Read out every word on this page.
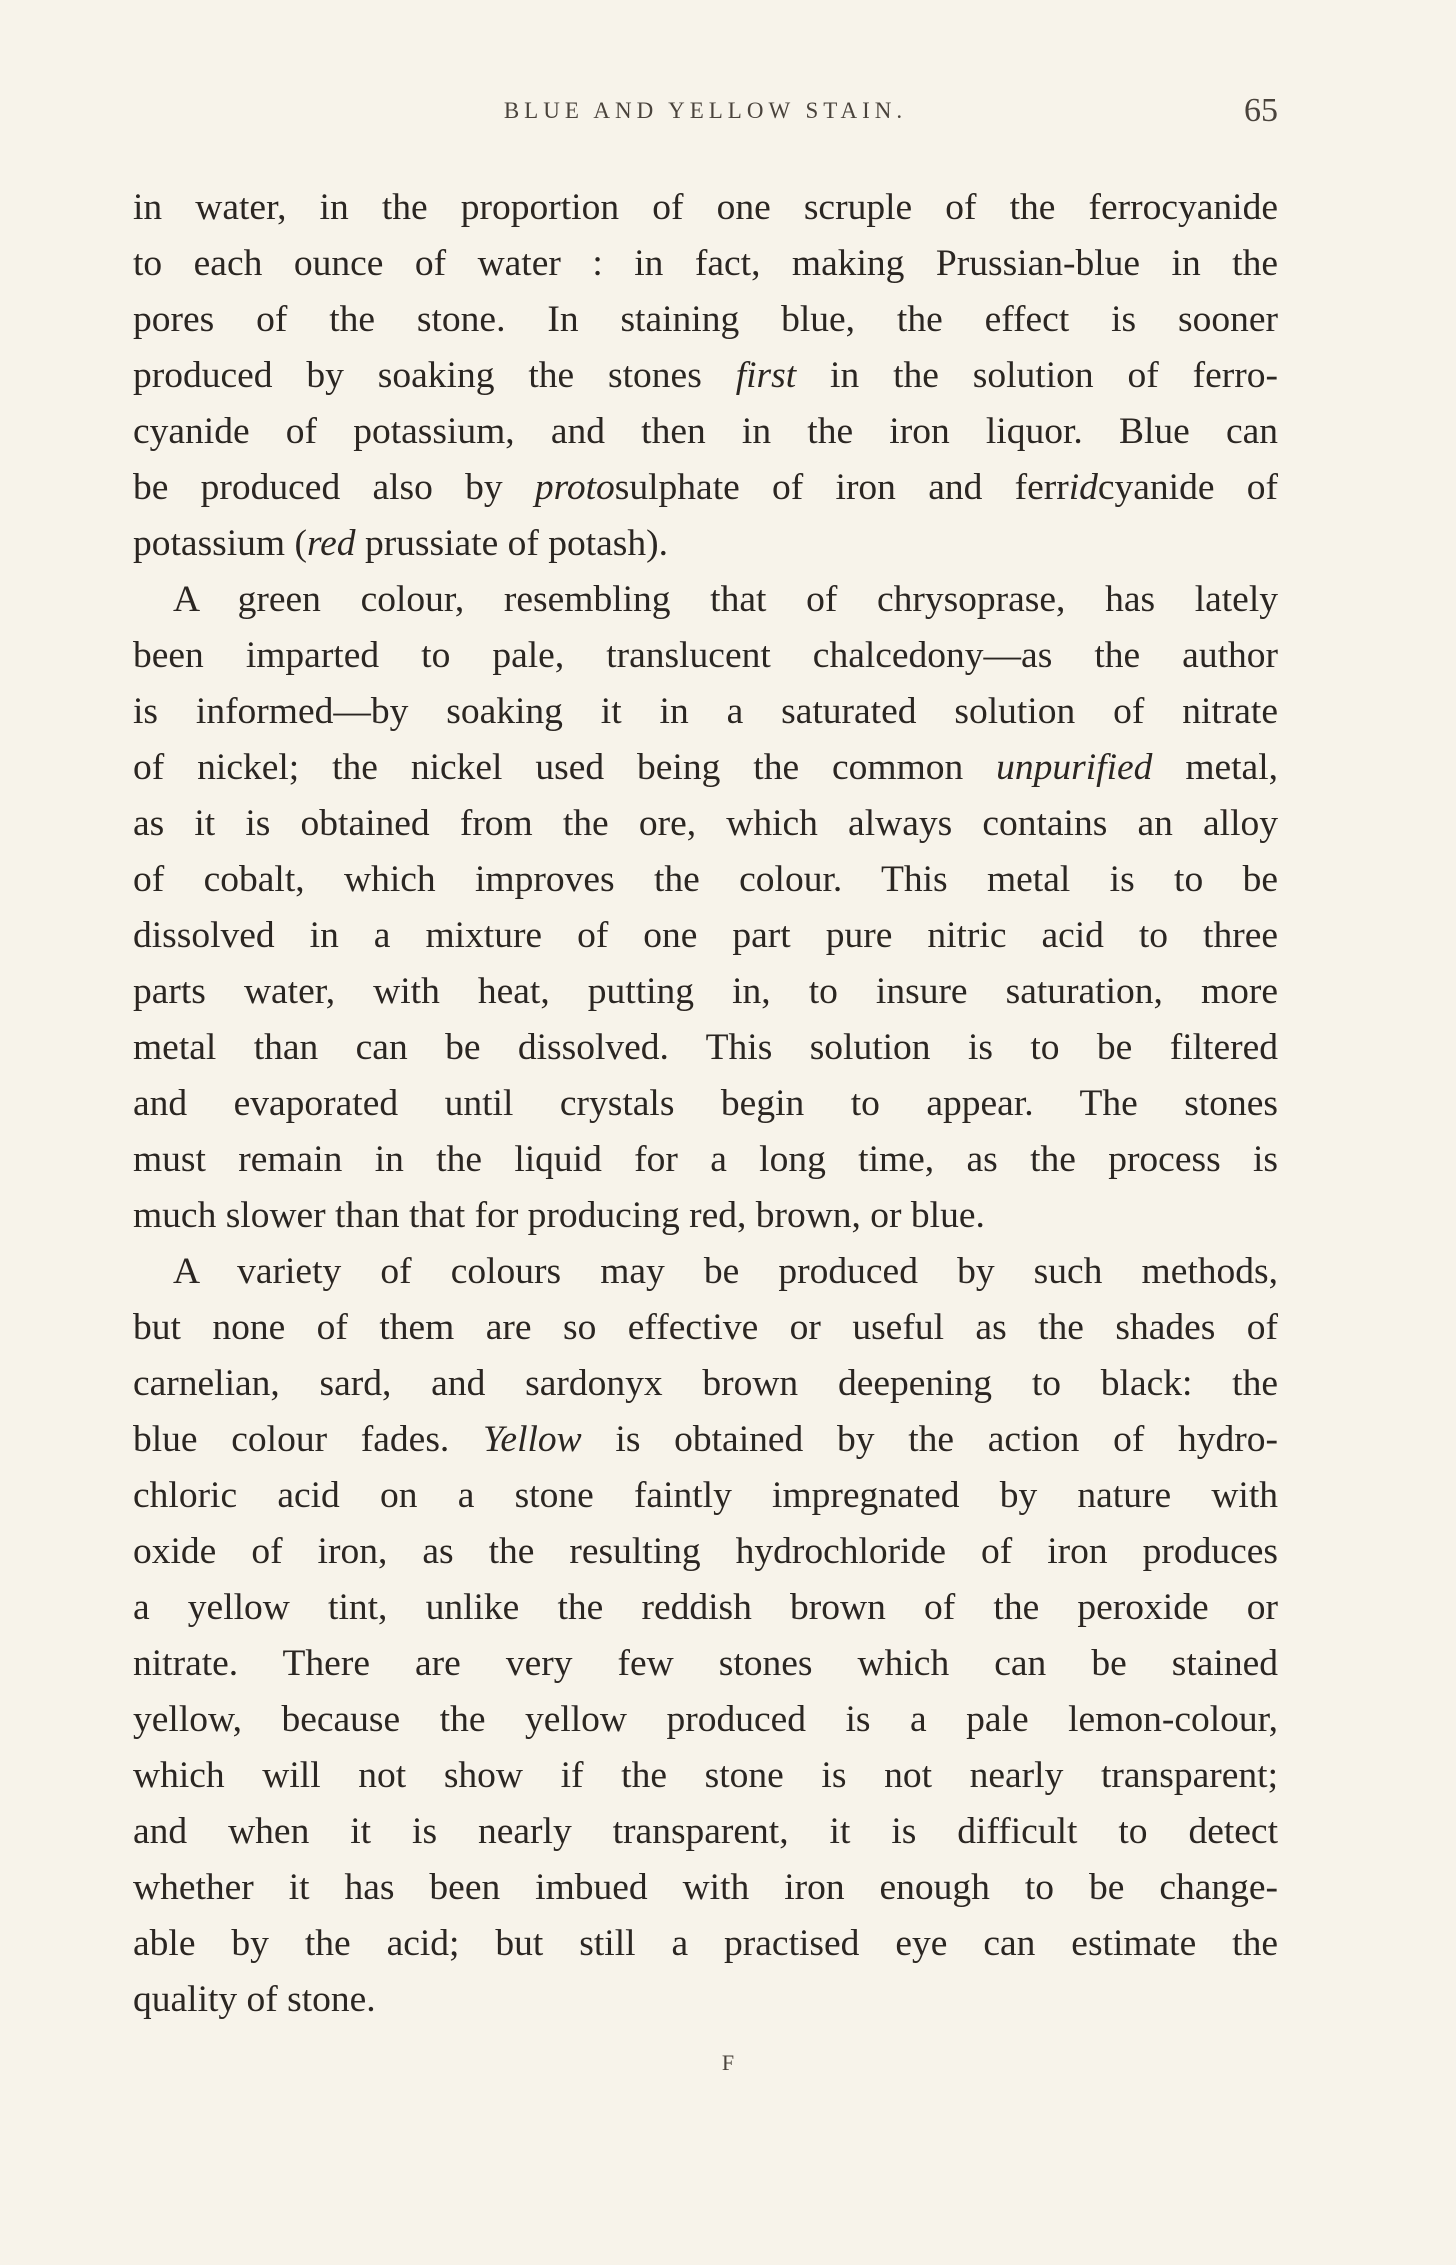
BLUE AND YELLOW STAIN.	65
in water, in the proportion of one scruple of the ferrocyanide
to each ounce of water : in fact, making Prussian-blue in the
pores of the stone. In staining blue, the effect is sooner
produced by soaking the stones first in the solution of ferro-
cyanide of potassium, and then in the iron liquor. Blue can
be produced also by protosulphate of iron and ferridcyanide of
potassium (red prussiate of potash).
A green colour, resembling that of chrysoprase, has lately
been imparted to pale, translucent chalcedony—as the author
is informed—by soaking it in a saturated solution of nitrate
of nickel; the nickel used being the common unpurified metal,
as it is obtained from the ore, which always contains an alloy
of cobalt, which improves the colour. This metal is to be
dissolved in a mixture of one part pure nitric acid to three
parts water, with heat, putting in, to insure saturation, more
metal than can be dissolved. This solution is to be filtered
and evaporated until crystals begin to appear. The stones
must remain in the liquid for a long time, as the process is
much slower than that for producing red, brown, or blue.
A variety of colours may be produced by such methods,
but none of them are so effective or useful as the shades of
carnelian, sard, and sardonyx brown deepening to black: the
blue colour fades. Yellow is obtained by the action of hydro-
chloric acid on a stone faintly impregnated by nature with
oxide of iron, as the resulting hydrochloride of iron produces
a yellow tint, unlike the reddish brown of the peroxide or
nitrate. There are very few stones which can be stained
yellow, because the yellow produced is a pale lemon-colour,
which will not show if the stone is not nearly transparent;
and when it is nearly transparent, it is difficult to detect
whether it has been imbued with iron enough to be change-
able by the acid; but still a practised eye can estimate the
quality of stone.
F
